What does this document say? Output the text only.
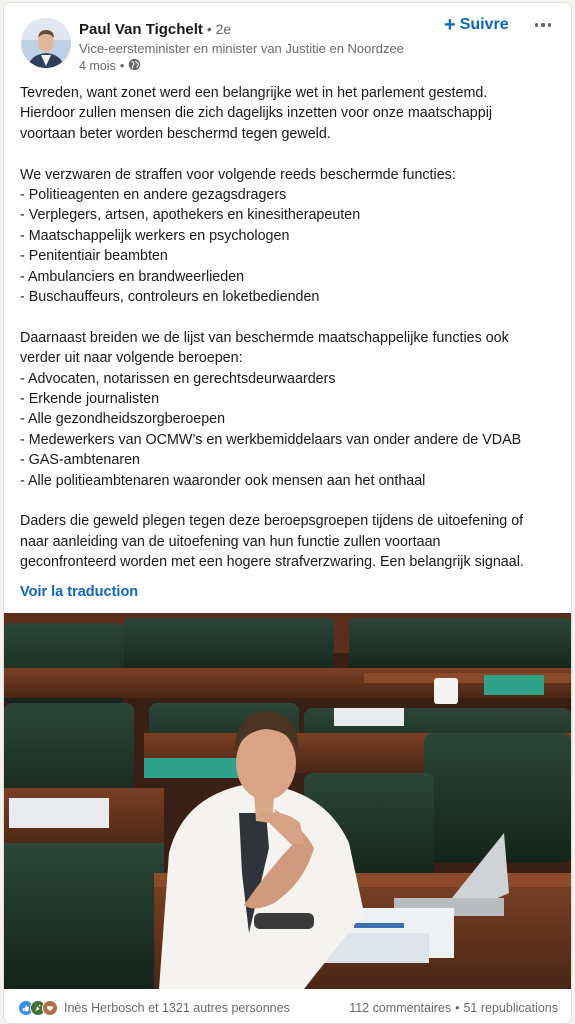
Paul Van Tigchelt • 2e
Vice-eersteminister en minister van Justitie en Noordzee
4 mois •
+ Suivre

Tevreden, want zonet werd een belangrijke wet in het parlement gestemd.

Hierdoor zullen mensen die zich dagelijks inzetten voor onze maatschappij

voortaan beter worden beschermd tegen geweld.

We verzwaren de straffen voor volgende reeds beschermde functies:

- Politieagenten en andere gezagsdragers

- Verplegers, artsen, apothekers en kinesitherapeuten

- Maatschappelijk werkers en psychologen

- Penitentiair beambten

- Ambulanciers en brandweerlieden

- Buschauffeurs, controleurs en loketbedienden

Daarnaast breiden we de lijst van beschermde maatschappelijke functies ook

verder uit naar volgende beroepen:

- Advocaten, notarissen en gerechtsdeurwaarders

- Erkende journalisten

- Alle gezondheidszorgberoepen

- Medewerkers van OCMW’s en werkbemiddelaars van onder andere de VDAB

- GAS-ambtenaren

- Alle politieambtenaren waaronder ook mensen aan het onthaal

Daders die geweld plegen tegen deze beroepsgroepen tijdens de uitoefening of

naar aanleiding van de uitoefening van hun functie zullen voortaan

geconfronteerd worden met een hogere strafverzwaring. Een belangrijk signaal.

Voir la traduction
Inès Herbosch et 1321 autres personnes	112 commentaires • 51 republications
